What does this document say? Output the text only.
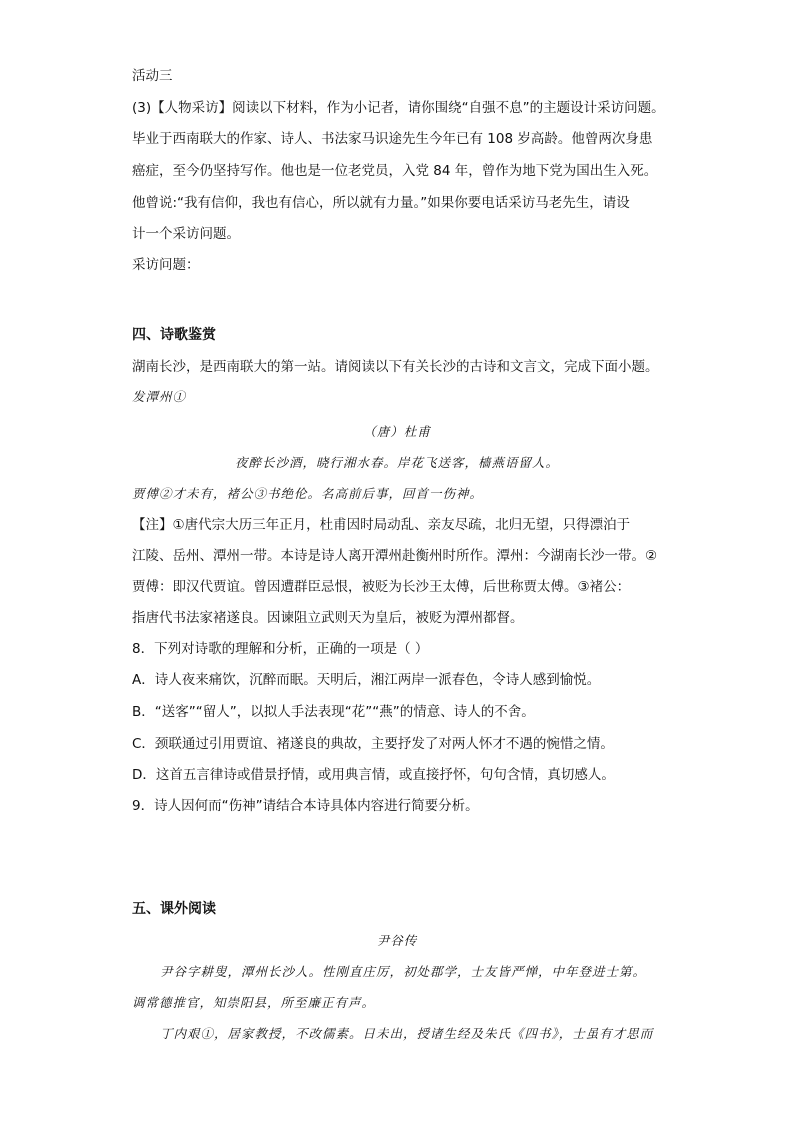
活动三
(3)【人物采访】阅读以下材料，作为小记者，请你围绕“自强不息”的主题设计采访问题。
毕业于西南联大的作家、诗人、书法家马识途先生今年已有 108 岁高龄。他曾两次身患
癌症，至今仍坚持写作。他也是一位老党员，入党 84 年，曾作为地下党为国出生入死。
他曾说:“我有信仰，我也有信心，所以就有力量。”如果你要电话采访马老先生，请设
计一个采访问题。
采访问题：
四、诗歌鉴赏
湖南长沙，是西南联大的第一站。请阅读以下有关长沙的古诗和文言文，完成下面小题。
发潭州①
（唐）杜甫
夜醉长沙酒，晓行湘水春。岸花飞送客，樯燕语留人。
贾傅②才未有，褚公③书绝伦。名高前后事，回首一伤神。
【注】①唐代宗大历三年正月，杜甫因时局动乱、亲友尽疏，北归无望，只得漂泊于
江陵、岳州、潭州一带。本诗是诗人离开潭州赴衡州时所作。潭州：今湖南长沙一带。②
贾傅：即汉代贾谊。曾因遭群臣忌恨，被贬为长沙王太傅，后世称贾太傅。③褚公：
指唐代书法家褚遂良。因谏阻立武则天为皇后，被贬为潭州都督。
8．下列对诗歌的理解和分析，正确的一项是（ ）
A．诗人夜来痛饮，沉醉而眠。天明后，湘江两岸一派春色，令诗人感到愉悦。
B．“送客”“留人”，以拟人手法表现“花”“燕”的情意、诗人的不舍。
C．颈联通过引用贾谊、褚遂良的典故，主要抒发了对两人怀才不遇的惋惜之情。
D．这首五言律诗或借景抒情，或用典言情，或直接抒怀，句句含情，真切感人。
9．诗人因何而“伤神”请结合本诗具体内容进行简要分析。
五、课外阅读
尹谷传
尹谷字耕叟，潭州长沙人。性刚直庄厉，初处郡学，士友皆严惮，中年登进士第。
调常德推官，知崇阳县，所至廉正有声。
丁内艰①，居家教授，不改儒素。日未出，授诸生经及朱氏《四书》，士虽有才思而
